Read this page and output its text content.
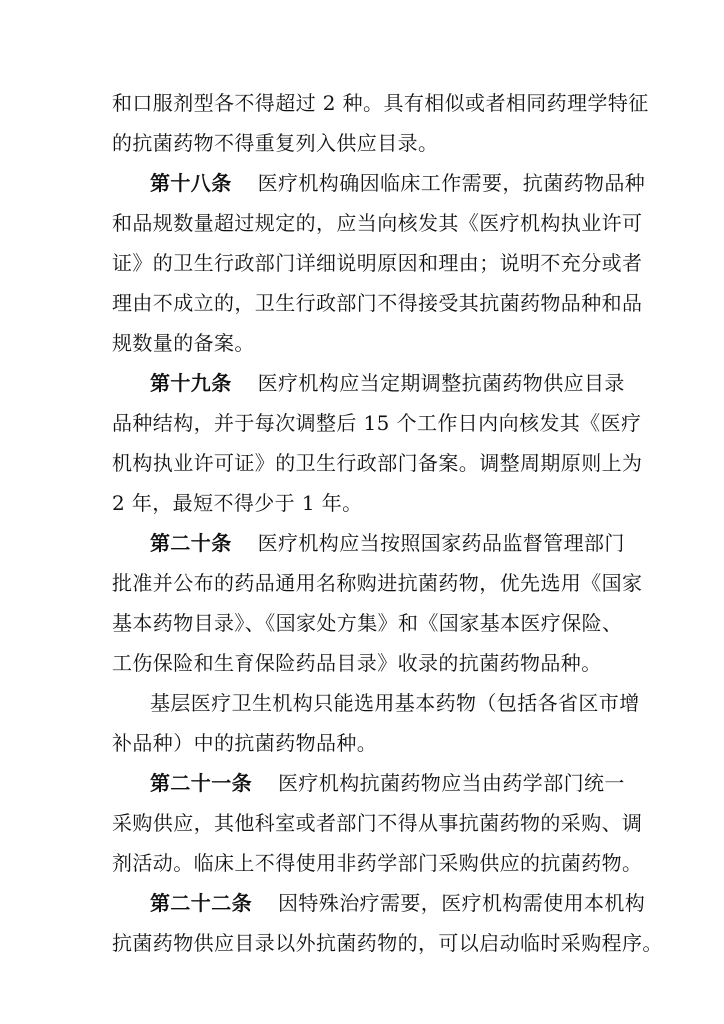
和口服剂型各不得超过 2 种。具有相似或者相同药理学特征
的抗菌药物不得重复列入供应目录。
第十八条 医疗机构确因临床工作需要，抗菌药物品种
和品规数量超过规定的，应当向核发其《医疗机构执业许可
证》的卫生行政部门详细说明原因和理由；说明不充分或者
理由不成立的，卫生行政部门不得接受其抗菌药物品种和品
规数量的备案。
第十九条 医疗机构应当定期调整抗菌药物供应目录
品种结构，并于每次调整后 15 个工作日内向核发其《医疗
机构执业许可证》的卫生行政部门备案。调整周期原则上为
2 年，最短不得少于 1 年。
第二十条 医疗机构应当按照国家药品监督管理部门
批准并公布的药品通用名称购进抗菌药物，优先选用《国家
基本药物目录》、《国家处方集》和《国家基本医疗保险、
工伤保险和生育保险药品目录》收录的抗菌药物品种。
基层医疗卫生机构只能选用基本药物（包括各省区市增
补品种）中的抗菌药物品种。
第二十一条 医疗机构抗菌药物应当由药学部门统一
采购供应，其他科室或者部门不得从事抗菌药物的采购、调
剂活动。临床上不得使用非药学部门采购供应的抗菌药物。
第二十二条 因特殊治疗需要，医疗机构需使用本机构
抗菌药物供应目录以外抗菌药物的，可以启动临时采购程序。
